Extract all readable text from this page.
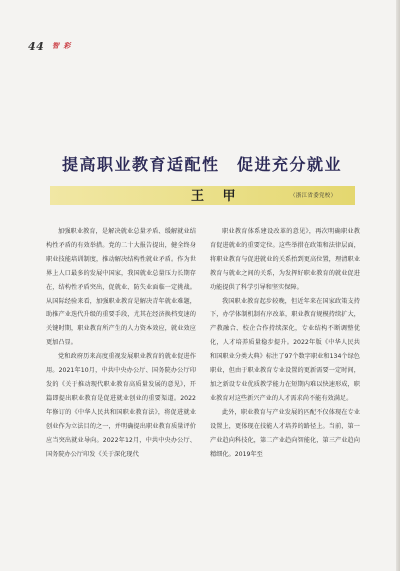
44 智 彩
提高职业教育适配性　促进充分就业
王 甲	（浙江省委党校）

加强职业教育，是解决就业总量矛盾、缓解就业结构性矛盾的有效举措。党的二十大报告提出，健全终身职业技能培训制度，推动解决结构性就业矛盾。作为世界上人口最多的发展中国家，我国就业总量压力长期存在，结构性矛盾突出，促就业、防失业面临一定挑战。从国际经验来看，加强职业教育是解决青年就业难题，助推产业迭代升级的重要手段，尤其在经济换档变速的关键时期，职业教育所产生的人力资本效应，就业效应更加凸显。

党和政府历来高度重视发展职业教育的就业促进作用。2021年10月，中共中央办公厅、国务院办公厅印发的《关于推动现代职业教育高质量发展的意见》，开篇即提出职业教育是促进就业创业的重要渠道。2022年修订的《中华人民共和国职业教育法》，将促进就业创业作为立法目的之一，并明确提出职业教育质量评价应当突出就业导向。2022年12月，中共中央办公厅、国务院办公厅印发《关于深化现代

职业教育体系建设改革的意见》，再次明确职业教育促进就业的重要定位。这些举措在政策和法律层面，将职业教育与促进就业的关系抬到更高位置，理清职业教育与就业之间的关系，为发挥好职业教育的就业促进功能提供了科学引导和坚实保障。

我国职业教育起步较晚，但近年来在国家政策支持下，办学体制机制有序改革，职业教育规模持续扩大，产教融合、校企合作持续深化，专业结构不断调整优化，人才培养质量稳步提升。2022年版《中华人民共和国职业分类大典》标注了97个数字职业和134个绿色职业，但由于职业教育专业设置的更新需要一定时间，加之新设专业优质教学能力在短期内难以快速形成，职业教育对这些新兴产业的人才需求尚不能有效满足。

此外，职业教育与产业发展的匹配不仅体现在专业设置上，更体现在技能人才培养的路径上。当前，第一产业趋向科技化，第二产业趋向智能化，第三产业趋向精细化。2019年至
